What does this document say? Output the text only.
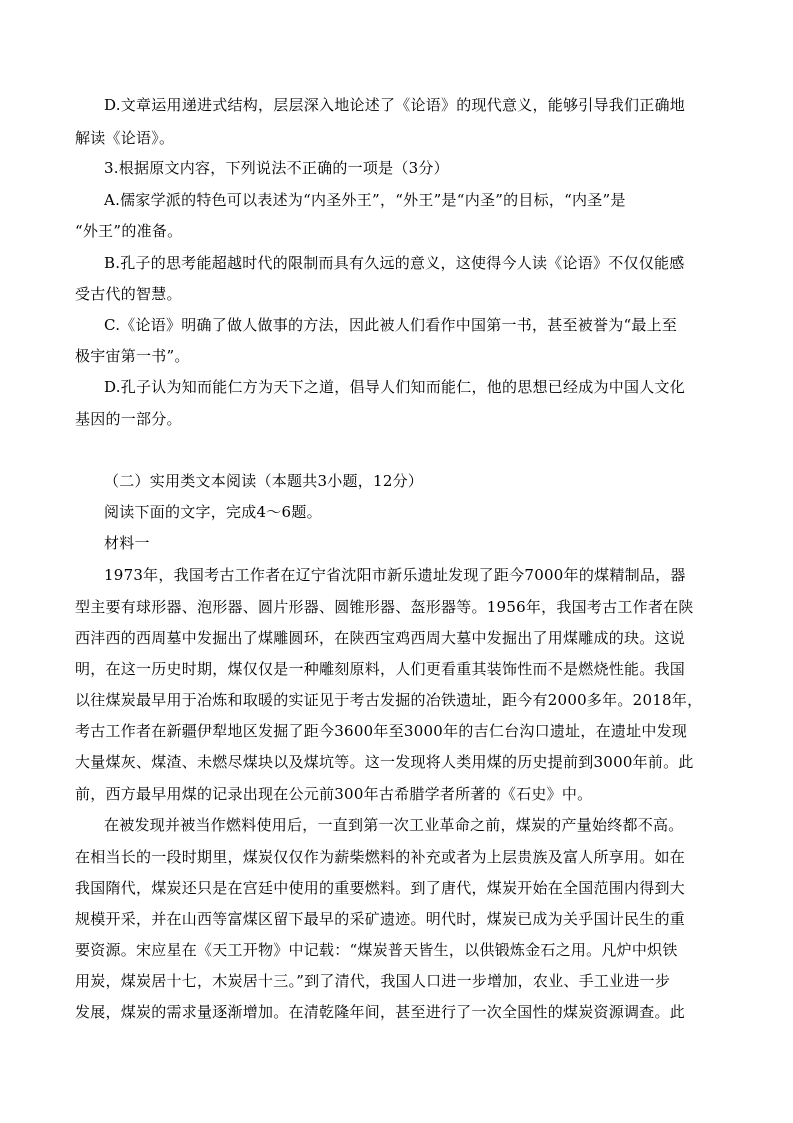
D.文章运用递进式结构，层层深入地论述了《论语》的现代意义，能够引导我们正确地
解读《论语》。
3.根据原文内容，下列说法不正确的一项是（3分）
A.儒家学派的特色可以表述为“内圣外王”，“外王”是“内圣”的目标，“内圣”是
“外王”的准备。
B.孔子的思考能超越时代的限制而具有久远的意义，这使得今人读《论语》不仅仅能感
受古代的智慧。
C.《论语》明确了做人做事的方法，因此被人们看作中国第一书，甚至被誉为“最上至
极宇宙第一书”。
D.孔子认为知而能仁方为天下之道，倡导人们知而能仁，他的思想已经成为中国人文化
基因的一部分。
（二）实用类文本阅读（本题共3小题，12分）
阅读下面的文字，完成4～6题。
材料一
1973年，我国考古工作者在辽宁省沈阳市新乐遗址发现了距今7000年的煤精制品，器
型主要有球形器、泡形器、圆片形器、圆锥形器、盔形器等。1956年，我国考古工作者在陕
西沣西的西周墓中发掘出了煤雕圆环，在陕西宝鸡西周大墓中发掘出了用煤雕成的玦。这说
明，在这一历史时期，煤仅仅是一种雕刻原料，人们更看重其装饰性而不是燃烧性能。我国
以往煤炭最早用于冶炼和取暖的实证见于考古发掘的冶铁遗址，距今有2000多年。2018年，
考古工作者在新疆伊犁地区发掘了距今3600年至3000年的吉仁台沟口遗址，在遗址中发现
大量煤灰、煤渣、未燃尽煤块以及煤坑等。这一发现将人类用煤的历史提前到3000年前。此
前，西方最早用煤的记录出现在公元前300年古希腊学者所著的《石史》中。
在被发现并被当作燃料使用后，一直到第一次工业革命之前，煤炭的产量始终都不高。
在相当长的一段时期里，煤炭仅仅作为薪柴燃料的补充或者为上层贵族及富人所享用。如在
我国隋代，煤炭还只是在宫廷中使用的重要燃料。到了唐代，煤炭开始在全国范围内得到大
规模开采，并在山西等富煤区留下最早的采矿遗迹。明代时，煤炭已成为关乎国计民生的重
要资源。宋应星在《天工开物》中记载：“煤炭普天皆生，以供锻炼金石之用。凡炉中炽铁
用炭，煤炭居十七，木炭居十三。”到了清代，我国人口进一步增加，农业、手工业进一步
发展，煤炭的需求量逐渐增加。在清乾隆年间，甚至进行了一次全国性的煤炭资源调查。此
